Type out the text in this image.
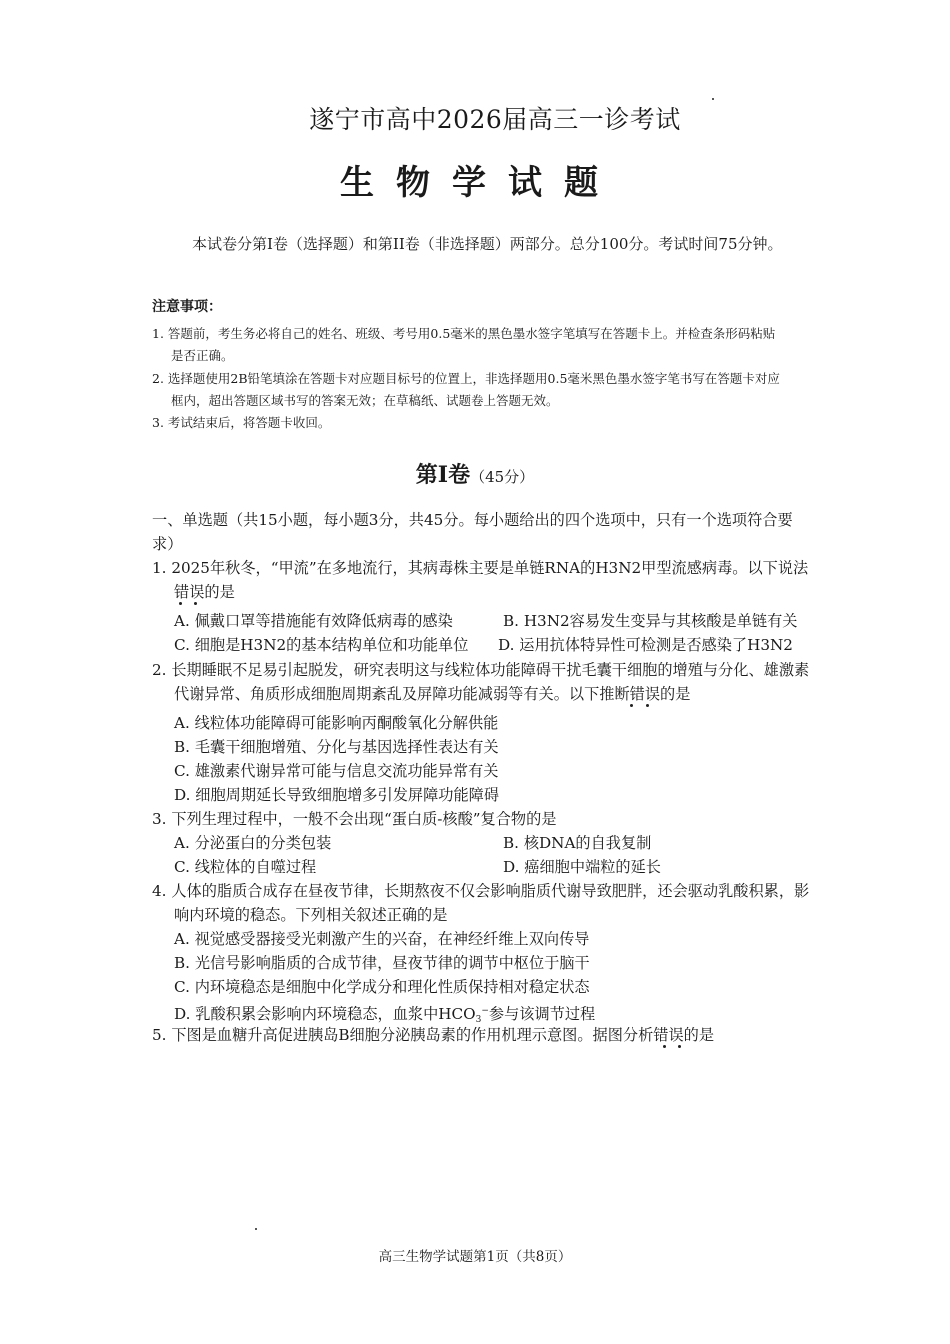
遂宁市高中2026届高三一诊考试
生物学试题
本试卷分第Ⅰ卷（选择题）和第II卷（非选择题）两部分。总分100分。考试时间75分钟。
注意事项：
1. 答题前，考生务必将自己的姓名、班级、考号用0.5毫米的黑色墨水签字笔填写在答题卡上。并检查条形码粘贴
是否正确。
2. 选择题使用2B铅笔填涂在答题卡对应题目标号的位置上，非选择题用0.5毫米黑色墨水签字笔书写在答题卡对应
框内，超出答题区域书写的答案无效；在草稿纸、试题卷上答题无效。
3. 考试结束后，将答题卡收回。
第Ⅰ卷（45分）
一、单选题（共15小题，每小题3分，共45分。每小题给出的四个选项中，只有一个选项符合要
求）
1. 2025年秋冬，“甲流”在多地流行，其病毒株主要是单链RNA的H3N2甲型流感病毒。以下说法
错误的是
A. 佩戴口罩等措施能有效降低病毒的感染	B. H3N2容易发生变异与其核酸是单链有关
C. 细胞是H3N2的基本结构单位和功能单位 D. 运用抗体特异性可检测是否感染了H3N2
2. 长期睡眠不足易引起脱发，研究表明这与线粒体功能障碍干扰毛囊干细胞的增殖与分化、雄激素
代谢异常、角质形成细胞周期紊乱及屏障功能减弱等有关。以下推断错误的是
A. 线粒体功能障碍可能影响丙酮酸氧化分解供能
B. 毛囊干细胞增殖、分化与基因选择性表达有关
C. 雄激素代谢异常可能与信息交流功能异常有关
D. 细胞周期延长导致细胞增多引发屏障功能障碍
3. 下列生理过程中，一般不会出现“蛋白质-核酸”复合物的是
A. 分泌蛋白的分类包装	B. 核DNA的自我复制
C. 线粒体的自噬过程	D. 癌细胞中端粒的延长
4. 人体的脂质合成存在昼夜节律，长期熬夜不仅会影响脂质代谢导致肥胖，还会驱动乳酸积累，影
响内环境的稳态。下列相关叙述正确的是
A. 视觉感受器接受光刺激产生的兴奋，在神经纤维上双向传导
B. 光信号影响脂质的合成节律，昼夜节律的调节中枢位于脑干
C. 内环境稳态是细胞中化学成分和理化性质保持相对稳定状态
D. 乳酸积累会影响内环境稳态，血浆中HCO3−参与该调节过程
5. 下图是血糖升高促进胰岛B细胞分泌胰岛素的作用机理示意图。据图分析错误的是
高三生物学试题第1页（共8页）
